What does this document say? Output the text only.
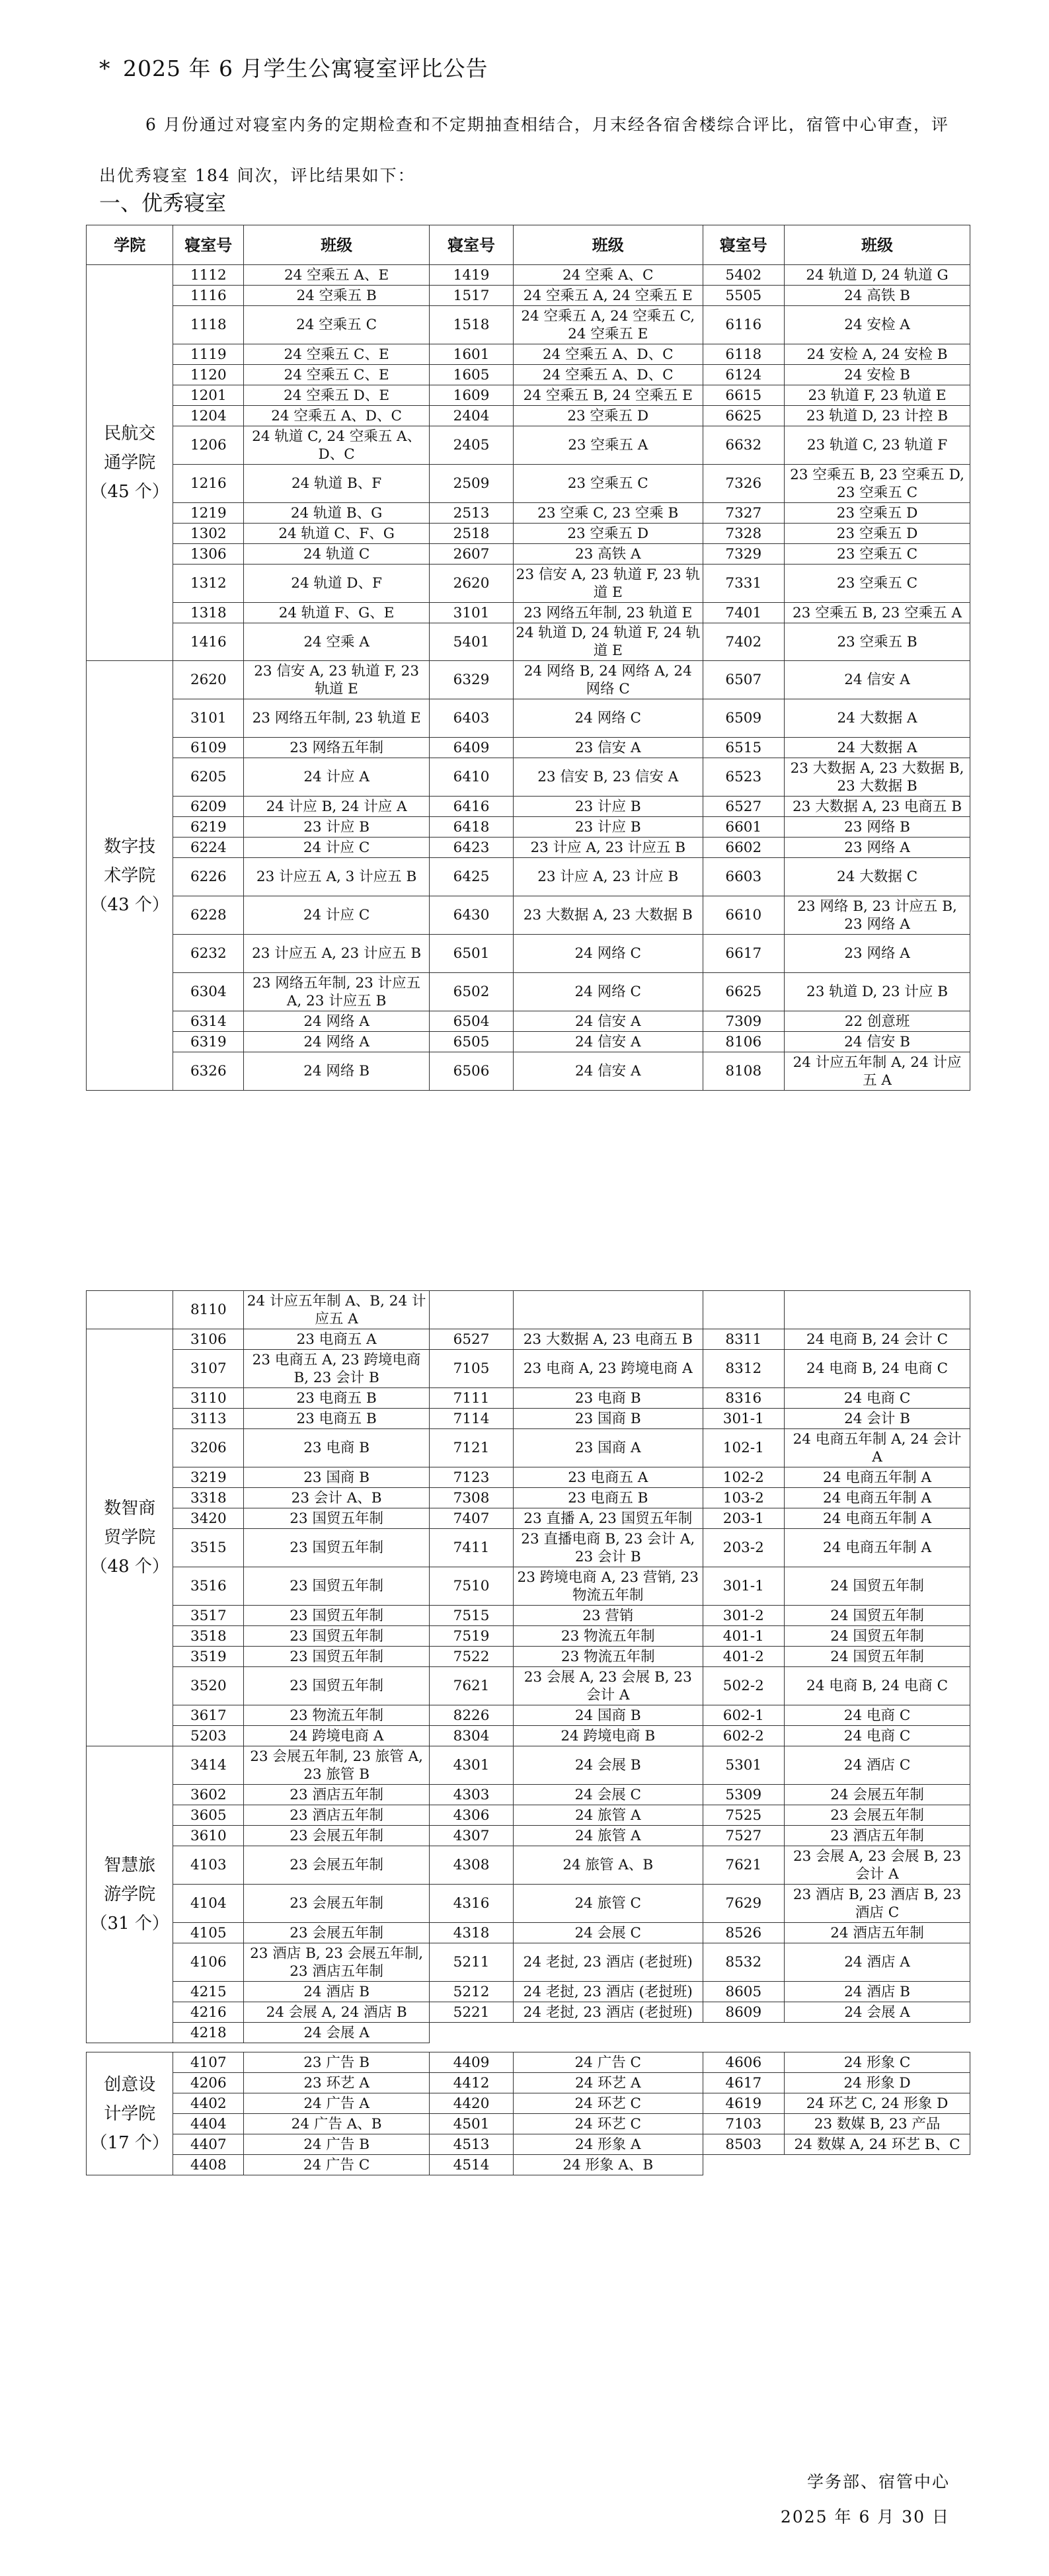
* 2025 年 6 月学生公寓寝室评比公告
6 月份通过对寝室内务的定期检查和不定期抽查相结合，月末经各宿舍楼综合评比，宿管中心审查，评出优秀寝室 184 间次，评比结果如下：
一、优秀寝室
学院	寝室号	班级	寝室号	班级	寝室号	班级

民航交通学院
（45 个）	1112	24 空乘五 A、E	1419	24 空乘 A、C	5402	24 轨道 D, 24 轨道 G
	1116	24 空乘五 B	1517	24 空乘五 A, 24 空乘五 E	5505	24 高铁 B
	1118	24 空乘五 C	1518	24 空乘五 A, 24 空乘五 C, 24 空乘五 E	6116	24 安检 A
	1119	24 空乘五 C、E	1601	24 空乘五 A、D、C	6118	24 安检 A, 24 安检 B
	1120	24 空乘五 C、E	1605	24 空乘五 A、D、C	6124	24 安检 B
	1201	24 空乘五 D、E	1609	24 空乘五 B, 24 空乘五 E	6615	23 轨道 F, 23 轨道 E
	1204	24 空乘五 A、D、C	2404	23 空乘五 D	6625	23 轨道 D, 23 计控 B
	1206	24 轨道 C, 24 空乘五 A、D、C	2405	23 空乘五 A	6632	23 轨道 C, 23 轨道 F
	1216	24 轨道 B、F	2509	23 空乘五 C	7326	23 空乘五 B, 23 空乘五 D, 23 空乘五 C
	1219	24 轨道 B、G	2513	23 空乘 C, 23 空乘 B	7327	23 空乘五 D
	1302	24 轨道 C、F、G	2518	23 空乘五 D	7328	23 空乘五 D
	1306	24 轨道 C	2607	23 高铁 A	7329	23 空乘五 C
	1312	24 轨道 D、F	2620	23 信安 A, 23 轨道 F, 23 轨道 E	7331	23 空乘五 C
	1318	24 轨道 F、G、E	3101	23 网络五年制, 23 轨道 E	7401	23 空乘五 B, 23 空乘五 A
	1416	24 空乘 A	5401	24 轨道 D, 24 轨道 F, 24 轨道 E	7402	23 空乘五 B

数字技术学院
（43 个）	2620	23 信安 A, 23 轨道 F, 23 轨道 E	6329	24 网络 B, 24 网络 A, 24 网络 C	6507	24 信安 A
	3101	23 网络五年制, 23 轨道 E	6403	24 网络 C	6509	24 大数据 A
	6109	23 网络五年制	6409	23 信安 A	6515	24 大数据 A
	6205	24 计应 A	6410	23 信安 B, 23 信安 A	6523	23 大数据 A, 23 大数据 B, 23 大数据 B
	6209	24 计应 B, 24 计应 A	6416	23 计应 B	6527	23 大数据 A, 23 电商五 B
	6219	23 计应 B	6418	23 计应 B	6601	23 网络 B
	6224	24 计应 C	6423	23 计应 A, 23 计应五 B	6602	23 网络 A
	6226	23 计应五 A, 3 计应五 B	6425	23 计应 A, 23 计应 B	6603	24 大数据 C
	6228	24 计应 C	6430	23 大数据 A, 23 大数据 B	6610	23 网络 B, 23 计应五 B, 23 网络 A
	6232	23 计应五 A, 23 计应五 B	6501	24 网络 C	6617	23 网络 A
	6304	23 网络五年制, 23 计应五 A, 23 计应五 B	6502	24 网络 C	6625	23 轨道 D, 23 计应 B
	6314	24 网络 A	6504	24 信安 A	7309	22 创意班
	6319	24 网络 A	6505	24 信安 A	8106	24 信安 B
	6326	24 网络 B	6506	24 信安 A	8108	24 计应五年制 A, 24 计应五 A
	8110	24 计应五年制 A、B, 24 计应五 A				

数智商贸学院
（48 个）	3106	23 电商五 A	6527	23 大数据 A, 23 电商五 B	8311	24 电商 B, 24 会计 C
	3107	23 电商五 A, 23 跨境电商 B, 23 会计 B	7105	23 电商 A, 23 跨境电商 A	8312	24 电商 B, 24 电商 C
	3110	23 电商五 B	7111	23 电商 B	8316	24 电商 C
	3113	23 电商五 B	7114	23 国商 B	301-1	24 会计 B
	3206	23 电商 B	7121	23 国商 A	102-1	24 电商五年制 A, 24 会计 A
	3219	23 国商 B	7123	23 电商五 A	102-2	24 电商五年制 A
	3318	23 会计 A、B	7308	23 电商五 B	103-2	24 电商五年制 A
	3420	23 国贸五年制	7407	23 直播 A, 23 国贸五年制	203-1	24 电商五年制 A
	3515	23 国贸五年制	7411	23 直播电商 B, 23 会计 A, 23 会计 B	203-2	24 电商五年制 A
	3516	23 国贸五年制	7510	23 跨境电商 A, 23 营销, 23 物流五年制	301-1	24 国贸五年制
	3517	23 国贸五年制	7515	23 营销	301-2	24 国贸五年制
	3518	23 国贸五年制	7519	23 物流五年制	401-1	24 国贸五年制
	3519	23 国贸五年制	7522	23 物流五年制	401-2	24 国贸五年制
	3520	23 国贸五年制	7621	23 会展 A, 23 会展 B, 23 会计 A	502-2	24 电商 B, 24 电商 C
	3617	23 物流五年制	8226	24 国商 B	602-1	24 电商 C
	5203	24 跨境电商 A	8304	24 跨境电商 B	602-2	24 电商 C

智慧旅游学院
（31 个）	3414	23 会展五年制, 23 旅管 A, 23 旅管 B	4301	24 会展 B	5301	24 酒店 C
	3602	23 酒店五年制	4303	24 会展 C	5309	24 会展五年制
	3605	23 酒店五年制	4306	24 旅管 A	7525	23 会展五年制
	3610	23 会展五年制	4307	24 旅管 A	7527	23 酒店五年制
	4103	23 会展五年制	4308	24 旅管 A、B	7621	23 会展 A, 23 会展 B, 23 会计 A
	4104	23 会展五年制	4316	24 旅管 C	7629	23 酒店 B, 23 酒店 B, 23 酒店 C
	4105	23 会展五年制	4318	24 会展 C	8526	24 酒店五年制
	4106	23 酒店 B, 23 会展五年制, 23 酒店五年制	5211	24 老挝, 23 酒店 (老挝班)	8532	24 酒店 A
	4215	24 酒店 B	5212	24 老挝, 23 酒店 (老挝班)	8605	24 酒店 B
	4216	24 会展 A, 24 酒店 B	5221	24 老挝, 23 酒店 (老挝班)	8609	24 会展 A
	4218	24 会展 A				

创意设计学院
（17 个）	4107	23 广告 B	4409	24 广告 C	4606	24 形象 C
	4206	23 环艺 A	4412	24 环艺 A	4617	24 形象 D
	4402	24 广告 A	4420	24 环艺 C	4619	24 环艺 C, 24 形象 D
	4404	24 广告 A、B	4501	24 环艺 C	7103	23 数媒 B, 23 产品
	4407	24 广告 B	4513	24 形象 A	8503	24 数媒 A, 24 环艺 B、C
	4408	24 广告 C	4514	24 形象 A、B		
学务部、宿管中心
2025 年 6 月 30 日
